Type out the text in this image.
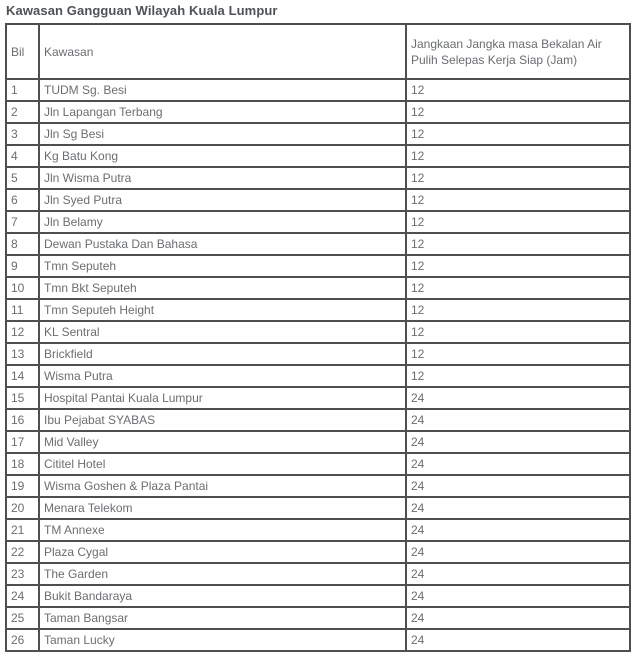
Kawasan Gangguan Wilayah Kuala Lumpur
Bil	Kawasan	Jangkaan Jangka masa Bekalan Air Pulih Selepas Kerja Siap (Jam)

1	TUDM Sg. Besi	12
2	Jln Lapangan Terbang	12
3	Jln Sg Besi	12
4	Kg Batu Kong	12
5	Jln Wisma Putra	12
6	Jln Syed Putra	12
7	Jln Belamy	12
8	Dewan Pustaka Dan Bahasa	12
9	Tmn Seputeh	12
10	Tmn Bkt Seputeh	12
11	Tmn Seputeh Height	12
12	KL Sentral	12
13	Brickfield	12
14	Wisma Putra	12
15	Hospital Pantai Kuala Lumpur	24
16	Ibu Pejabat SYABAS	24
17	Mid Valley	24
18	Cititel Hotel	24
19	Wisma Goshen & Plaza Pantai	24
20	Menara Telekom	24
21	TM Annexe	24
22	Plaza Cygal	24
23	The Garden	24
24	Bukit Bandaraya	24
25	Taman Bangsar	24
26	Taman Lucky	24
